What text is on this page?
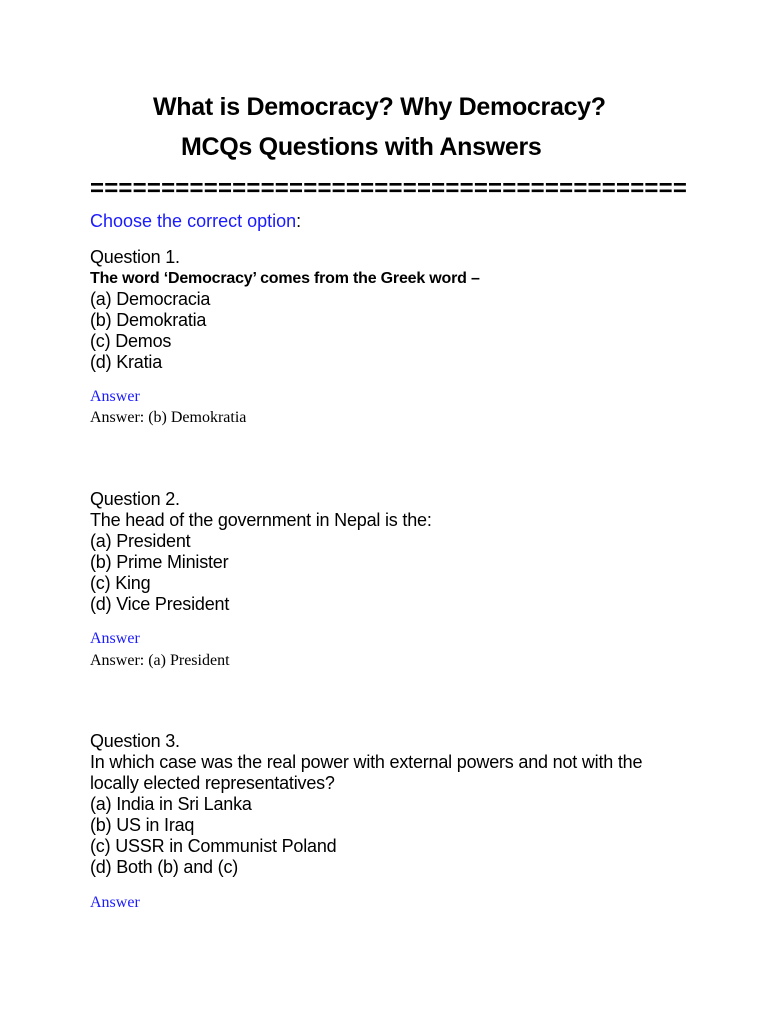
What is Democracy? Why Democracy?
MCQs Questions with Answers
==========================================
Choose the correct option:
Question 1.
The word ‘Democracy’ comes from the Greek word –
(a) Democracia
(b) Demokratia
(c) Demos
(d) Kratia
Answer
Answer: (b) Demokratia
Question 2.
The head of the government in Nepal is the:
(a) President
(b) Prime Minister
(c) King
(d) Vice President
Answer
Answer: (a) President
Question 3.
In which case was the real power with external powers and not with the locally elected representatives?
(a) India in Sri Lanka
(b) US in Iraq
(c) USSR in Communist Poland
(d) Both (b) and (c)
Answer
